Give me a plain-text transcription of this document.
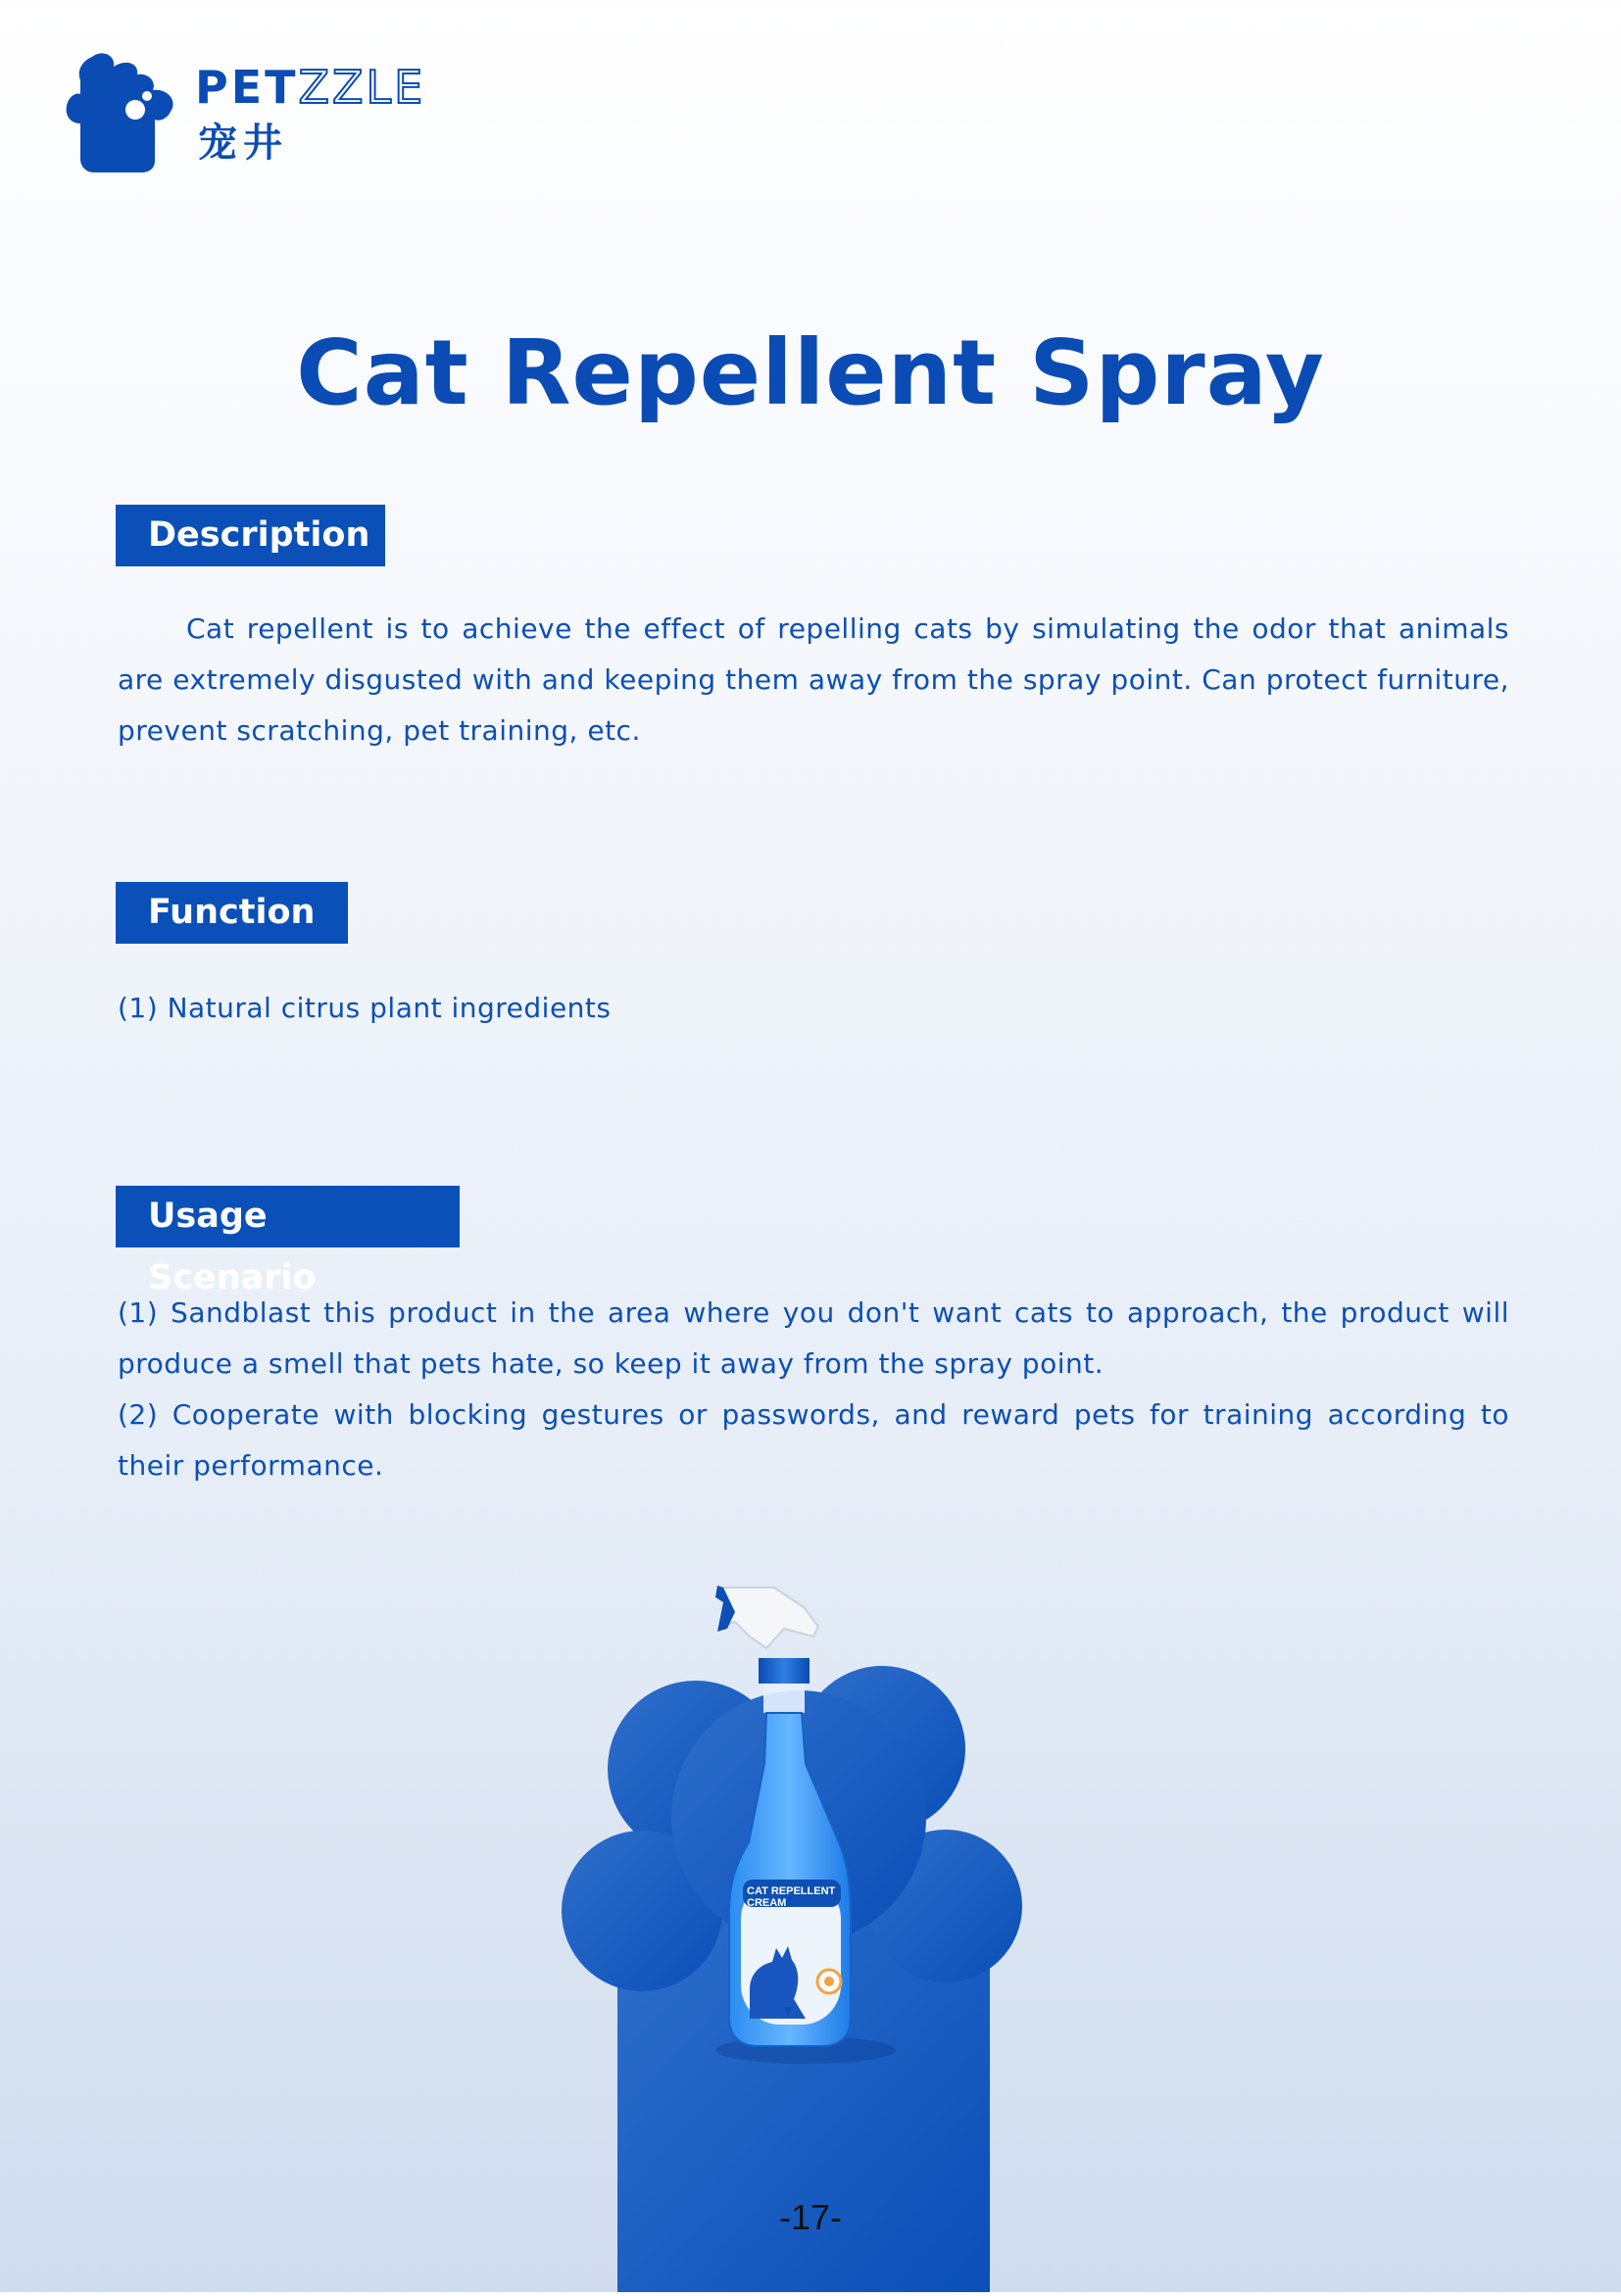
PETZZLE
宠井
Cat Repellent Spray
Description

Cat repellent is to achieve the effect of repelling cats by simulating the odor that animals are extremely disgusted with and keeping them away from the spray point. Can protect furniture, prevent scratching, pet training, etc.

Function

(1) Natural citrus plant ingredients

Usage Scenario

(1) Sandblast this product in the area where you don't want cats to approach, the product will produce a smell that pets hate, so keep it away from the spray point.

(2) Cooperate with blocking gestures or passwords, and reward pets for training according to their performance.

CAT REPELLENT
CREAM
-17-
